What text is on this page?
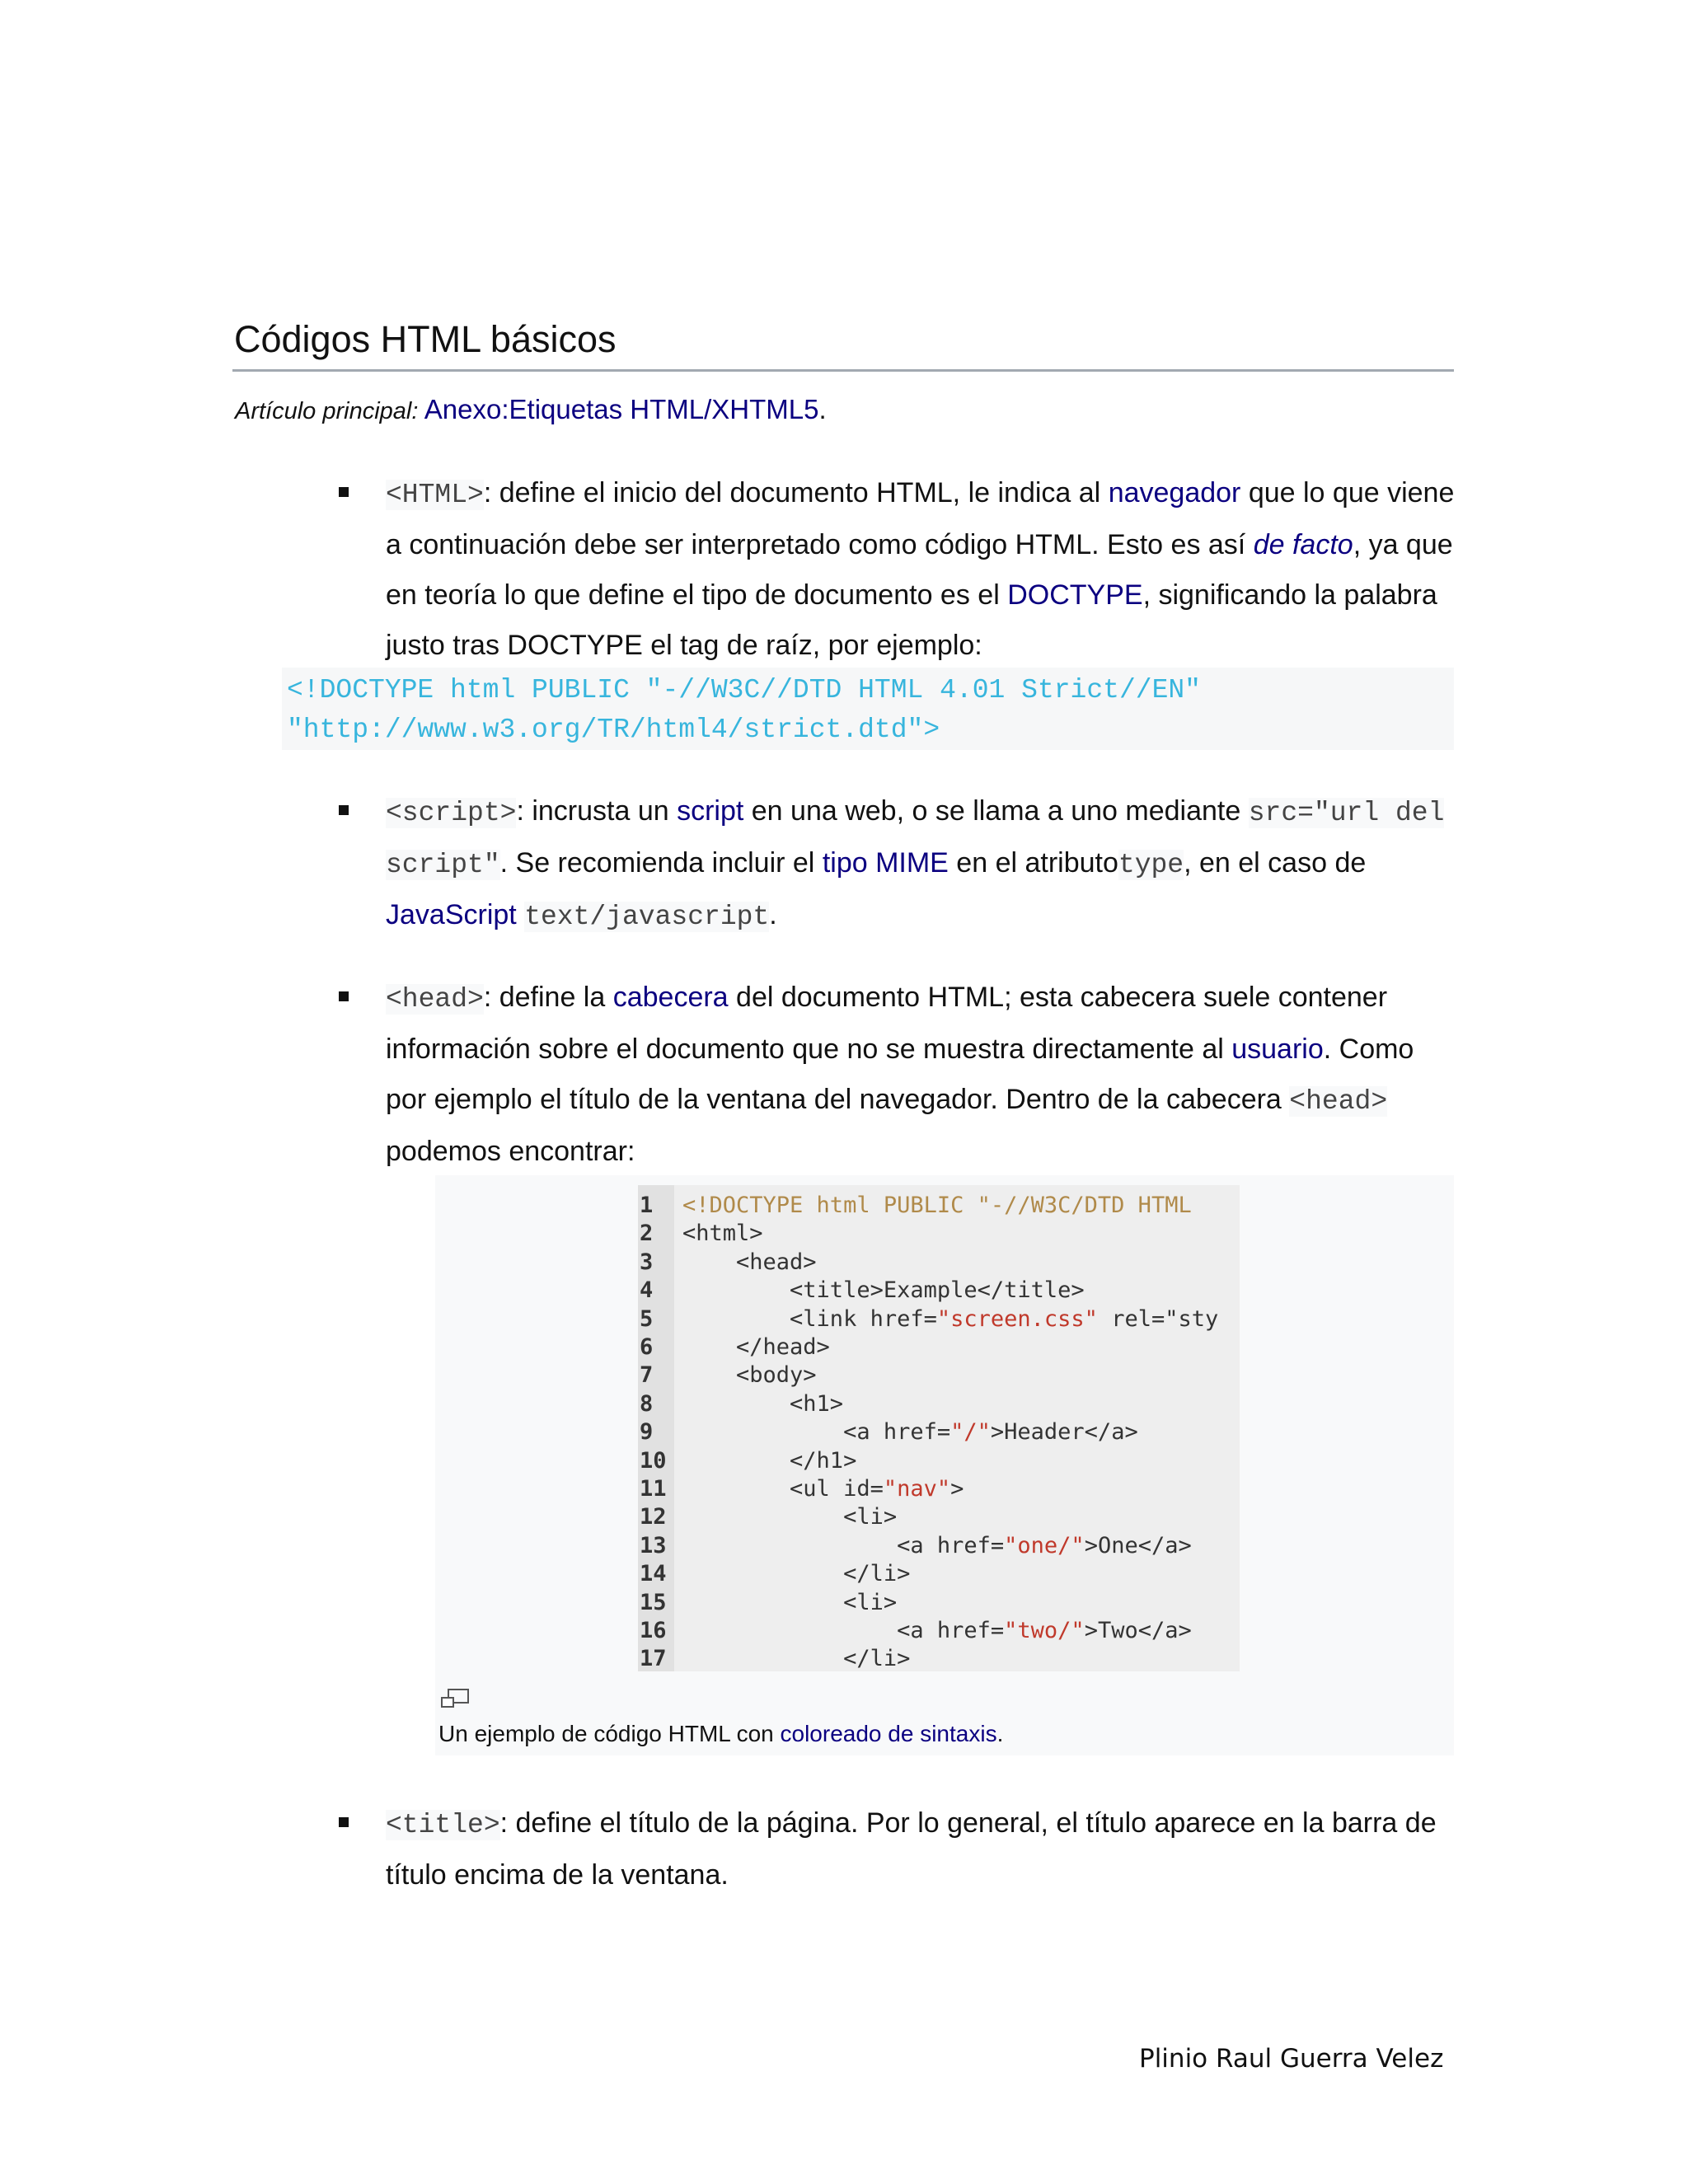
Códigos HTML básicos
Artículo principal: Anexo:Etiquetas HTML/XHTML5.
<HTML>: define el inicio del documento HTML, le indica al navegador que lo que viene a continuación debe ser interpretado como código HTML. Esto es así de facto, ya que en teoría lo que define el tipo de documento es el DOCTYPE, significando la palabra justo tras DOCTYPE el tag de raíz, por ejemplo:
<!DOCTYPE html PUBLIC "-//W3C//DTD HTML 4.01 Strict//EN"
"http://www.w3.org/TR/html4/strict.dtd">
<script>: incrusta un script en una web, o se llama a uno mediante src="url del script". Se recomienda incluir el tipo MIME en el atributotype, en el caso de JavaScript text/javascript.
<head>: define la cabecera del documento HTML; esta cabecera suele contener información sobre el documento que no se muestra directamente al usuario. Como por ejemplo el título de la ventana del navegador. Dentro de la cabecera <head> podemos encontrar:
1	<!DOCTYPE html PUBLIC "-//W3C/DTD HTML
2	<html>
3	<head>
4	<title>Example</title>
5	<link href="screen.css" rel="sty
6	</head>
7	<body>
8	<h1>
9	<a href="/">Header</a>
10 </h1>
11 <ul id="nav">
12 <li>
13 <a href="one/">One</a>
14 </li>
15 <li>
16 <a href="two/">Two</a>
17 </li>
Un ejemplo de código HTML con coloreado de sintaxis.
<title>: define el título de la página. Por lo general, el título aparece en la barra de título encima de la ventana.
Plinio Raul Guerra Velez
